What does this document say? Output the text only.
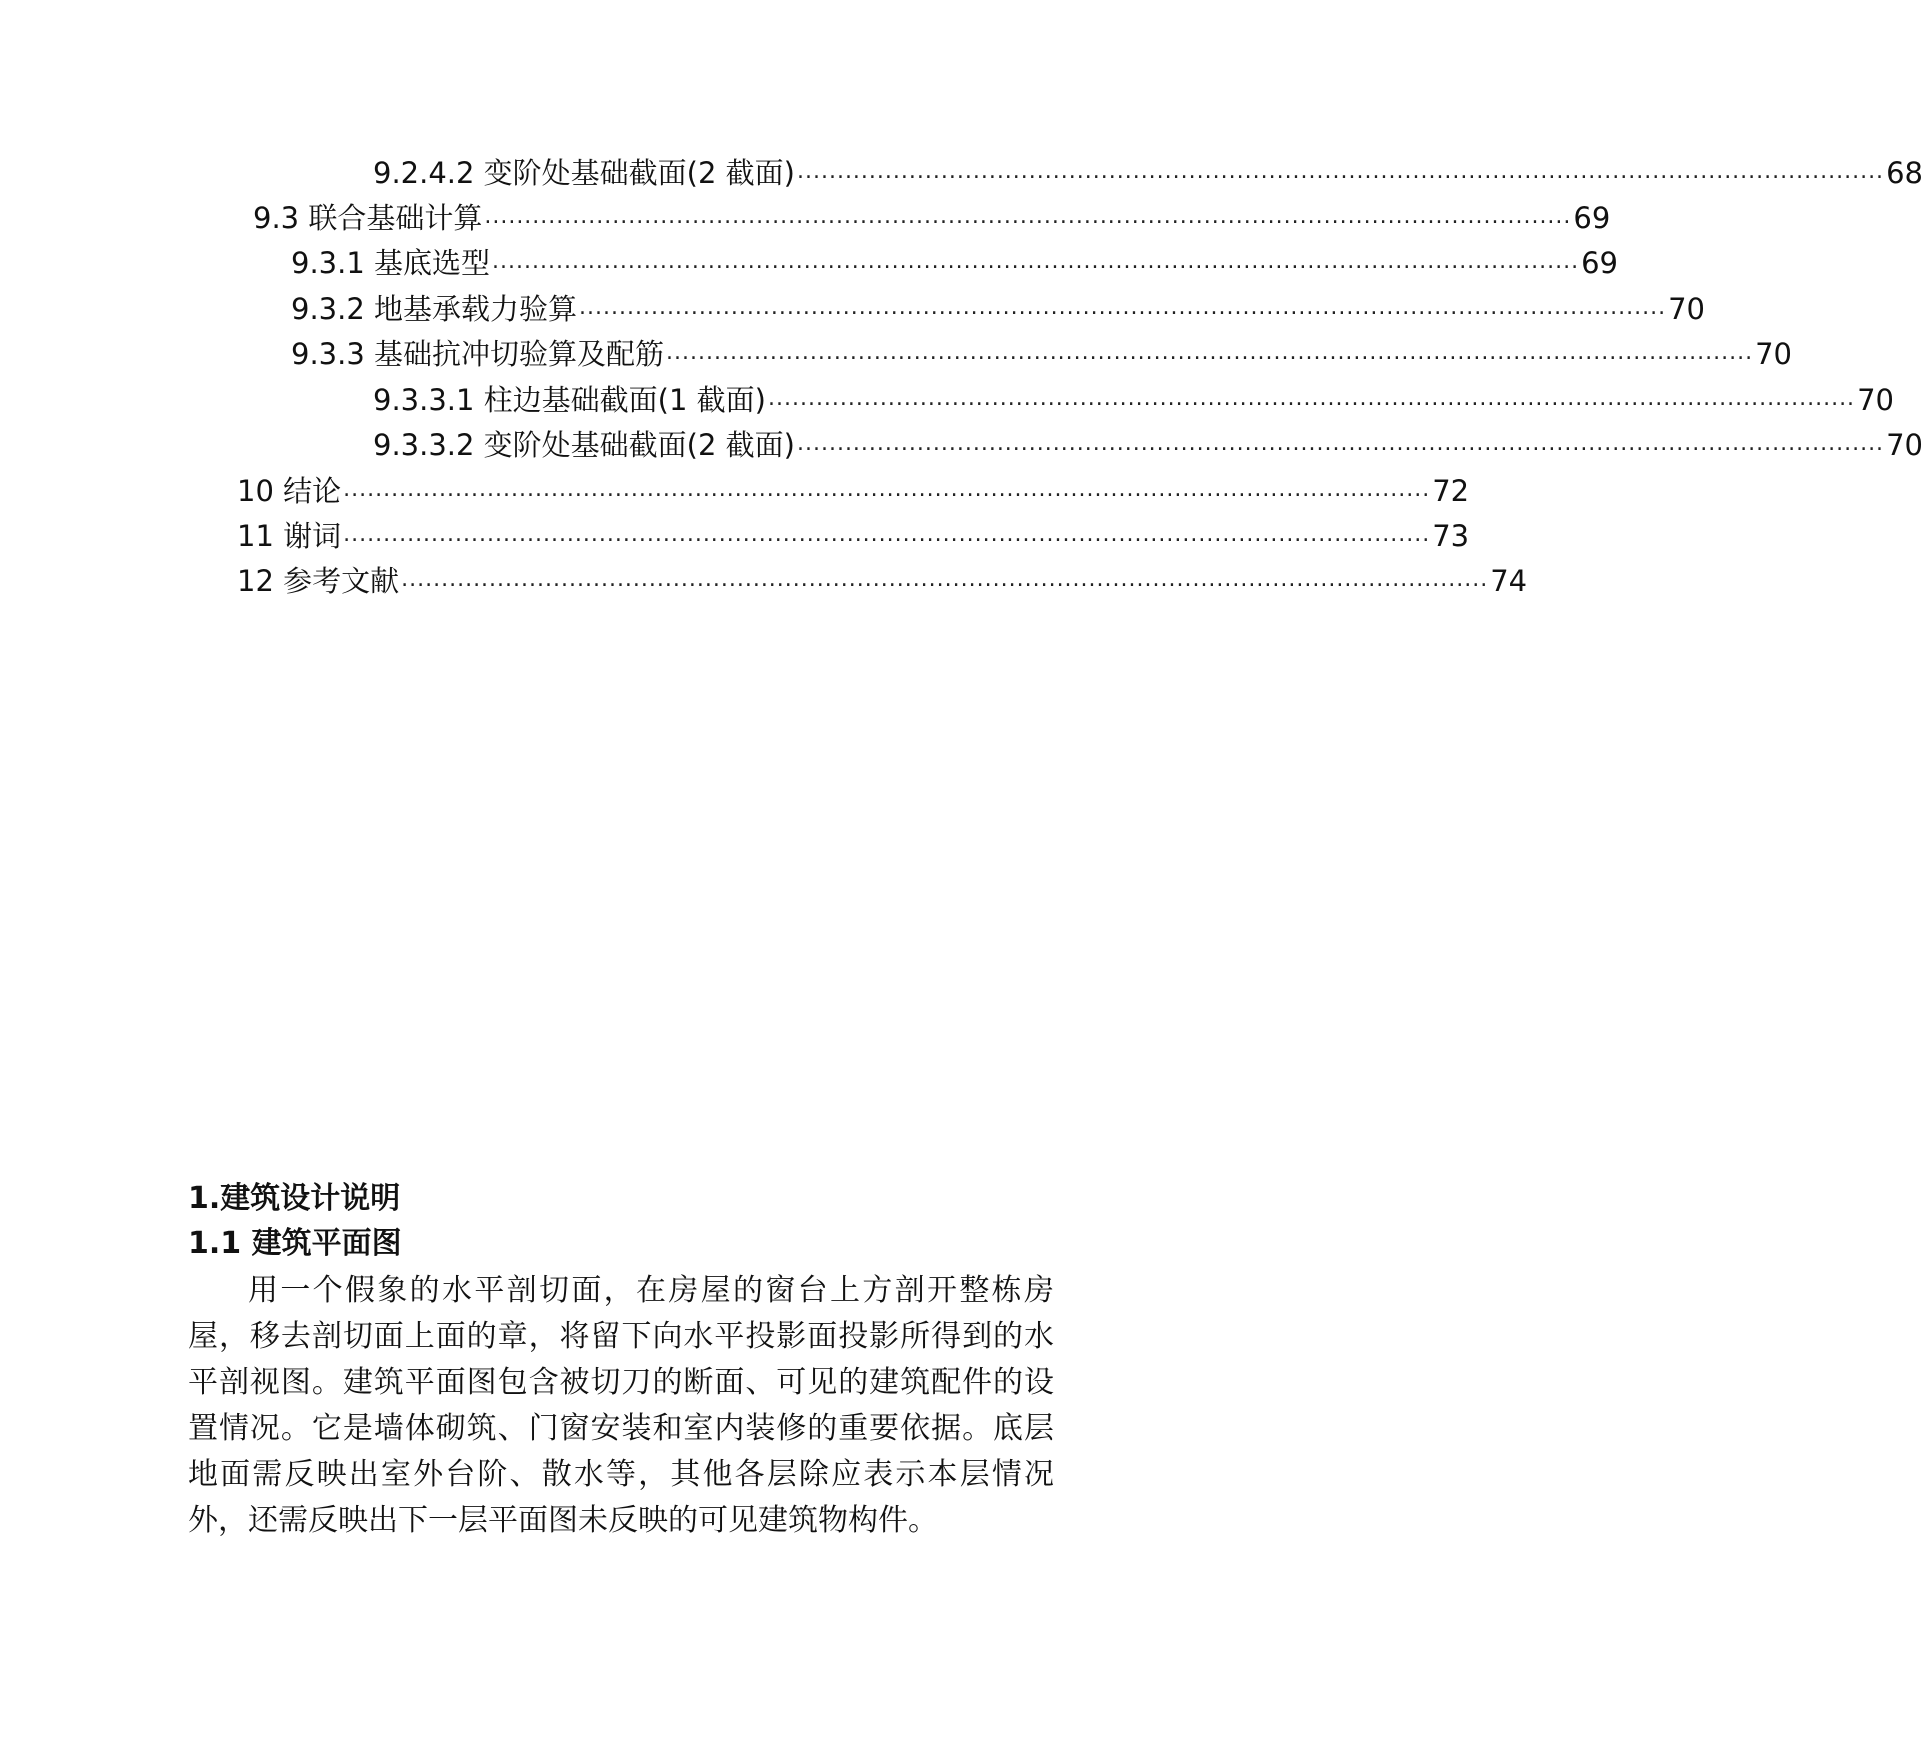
9.2.4.2 变阶处基础截面(2 截面) ........................................................................................................................................ 68
9.3 联合基础计算 ........................................................................................................................................ 69
9.3.1 基底选型 ........................................................................................................................................ 69
9.3.2 地基承载力验算 ........................................................................................................................................ 70
9.3.3 基础抗冲切验算及配筋 ........................................................................................................................................ 70
9.3.3.1 柱边基础截面(1 截面) ........................................................................................................................................ 70
9.3.3.2 变阶处基础截面(2 截面) ........................................................................................................................................ 70
10 结论 ........................................................................................................................................ 72
11 谢词 ........................................................................................................................................ 73
12 参考文献 ........................................................................................................................................ 74
1.建筑设计说明
1.1 建筑平面图
用一个假象的水平剖切面，在房屋的窗台上方剖开整栋房屋，移去剖切面上面的章，将留下向水平投影面投影所得到的水平剖视图。建筑平面图包含被切刀的断面、可见的建筑配件的设置情况。它是墙体砌筑、门窗安装和室内装修的重要依据。底层地面需反映出室外台阶、散水等，其他各层除应表示本层情况外，还需反映出下一层平面图未反映的可见建筑物构件。
